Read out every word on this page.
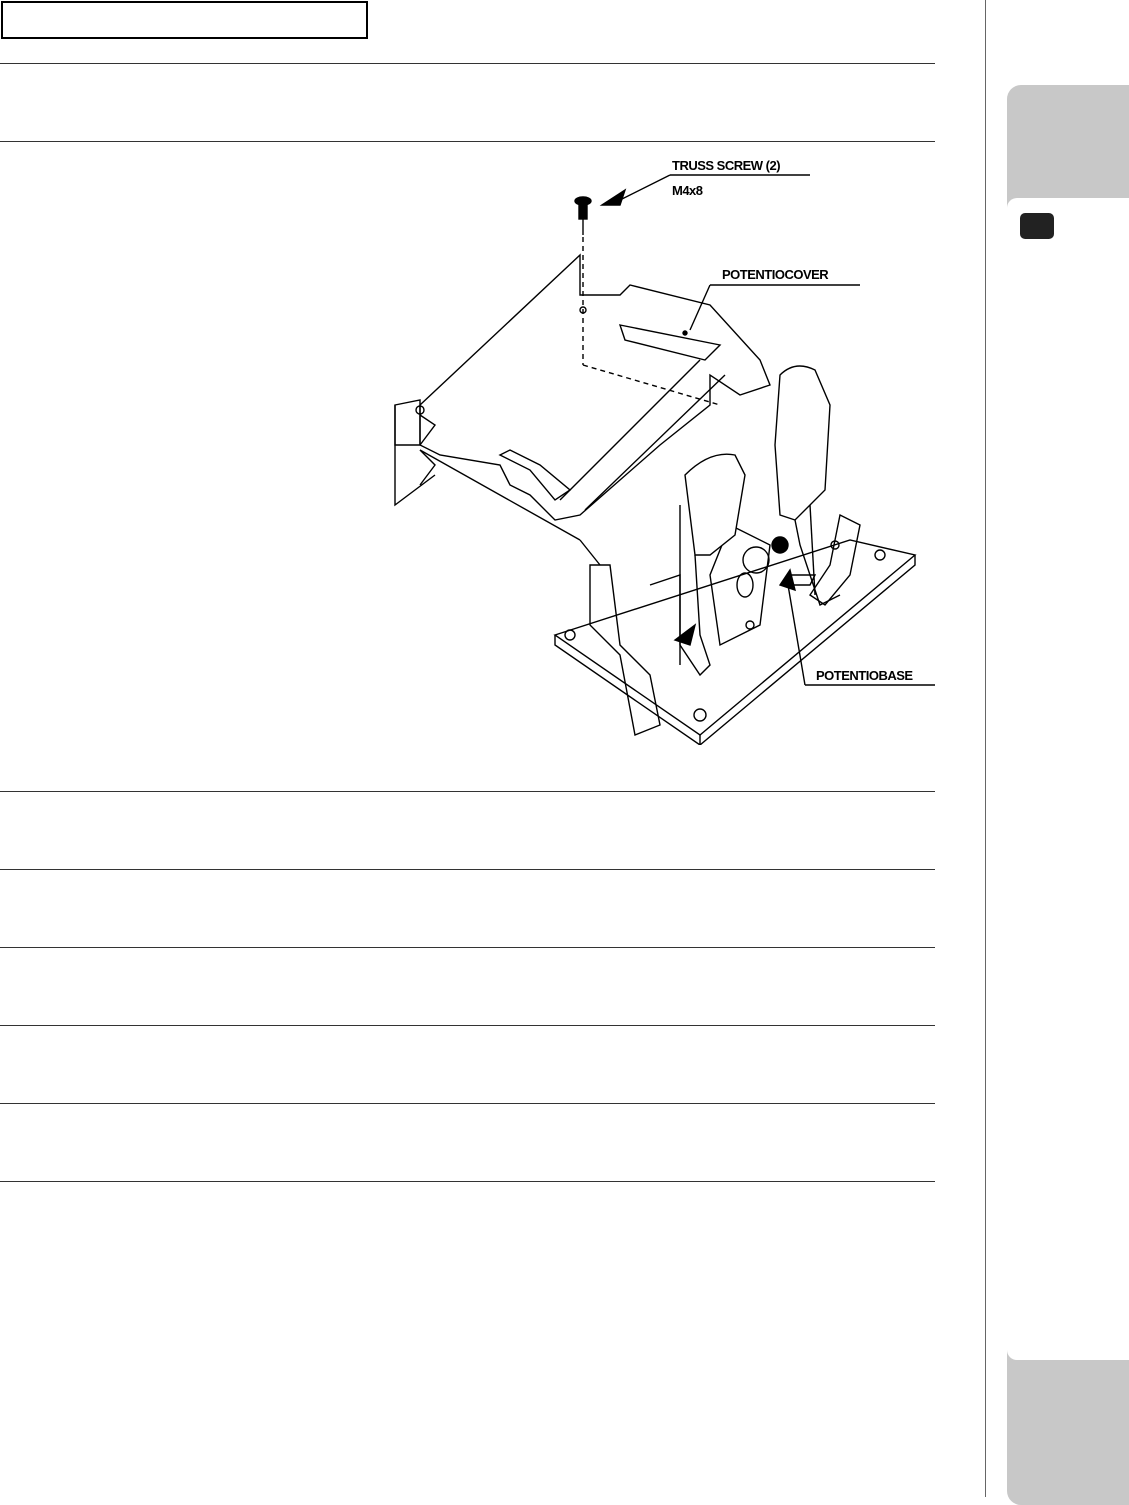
TRUSS SCREW (2)
M4x8
POTENTIOCOVER
POTENTIOBASE
